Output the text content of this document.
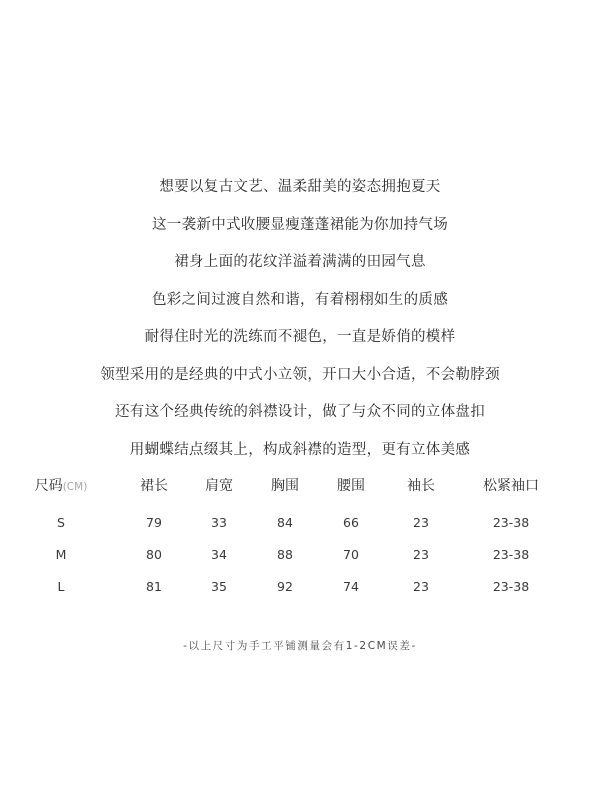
想要以复古文艺、温柔甜美的姿态拥抱夏天
这一袭新中式收腰显瘦蓬蓬裙能为你加持气场
裙身上面的花纹洋溢着满满的田园气息
色彩之间过渡自然和谐，有着栩栩如生的质感
耐得住时光的洗练而不褪色，一直是娇俏的模样
领型采用的是经典的中式小立领，开口大小合适，不会勒脖颈
还有这个经典传统的斜襟设计，做了与众不同的立体盘扣
用蝴蝶结点缀其上，构成斜襟的造型，更有立体美感
尺码(CM)	裙长	肩宽	胸围	腰围	袖长	松紧袖口	
S	79	33	84	66	23	23-38	
M	80	34	88	70	23	23-38	
L	81	35	92	74	23	23-38	
-以上尺寸为手工平铺测量会有1-2CM误差-
